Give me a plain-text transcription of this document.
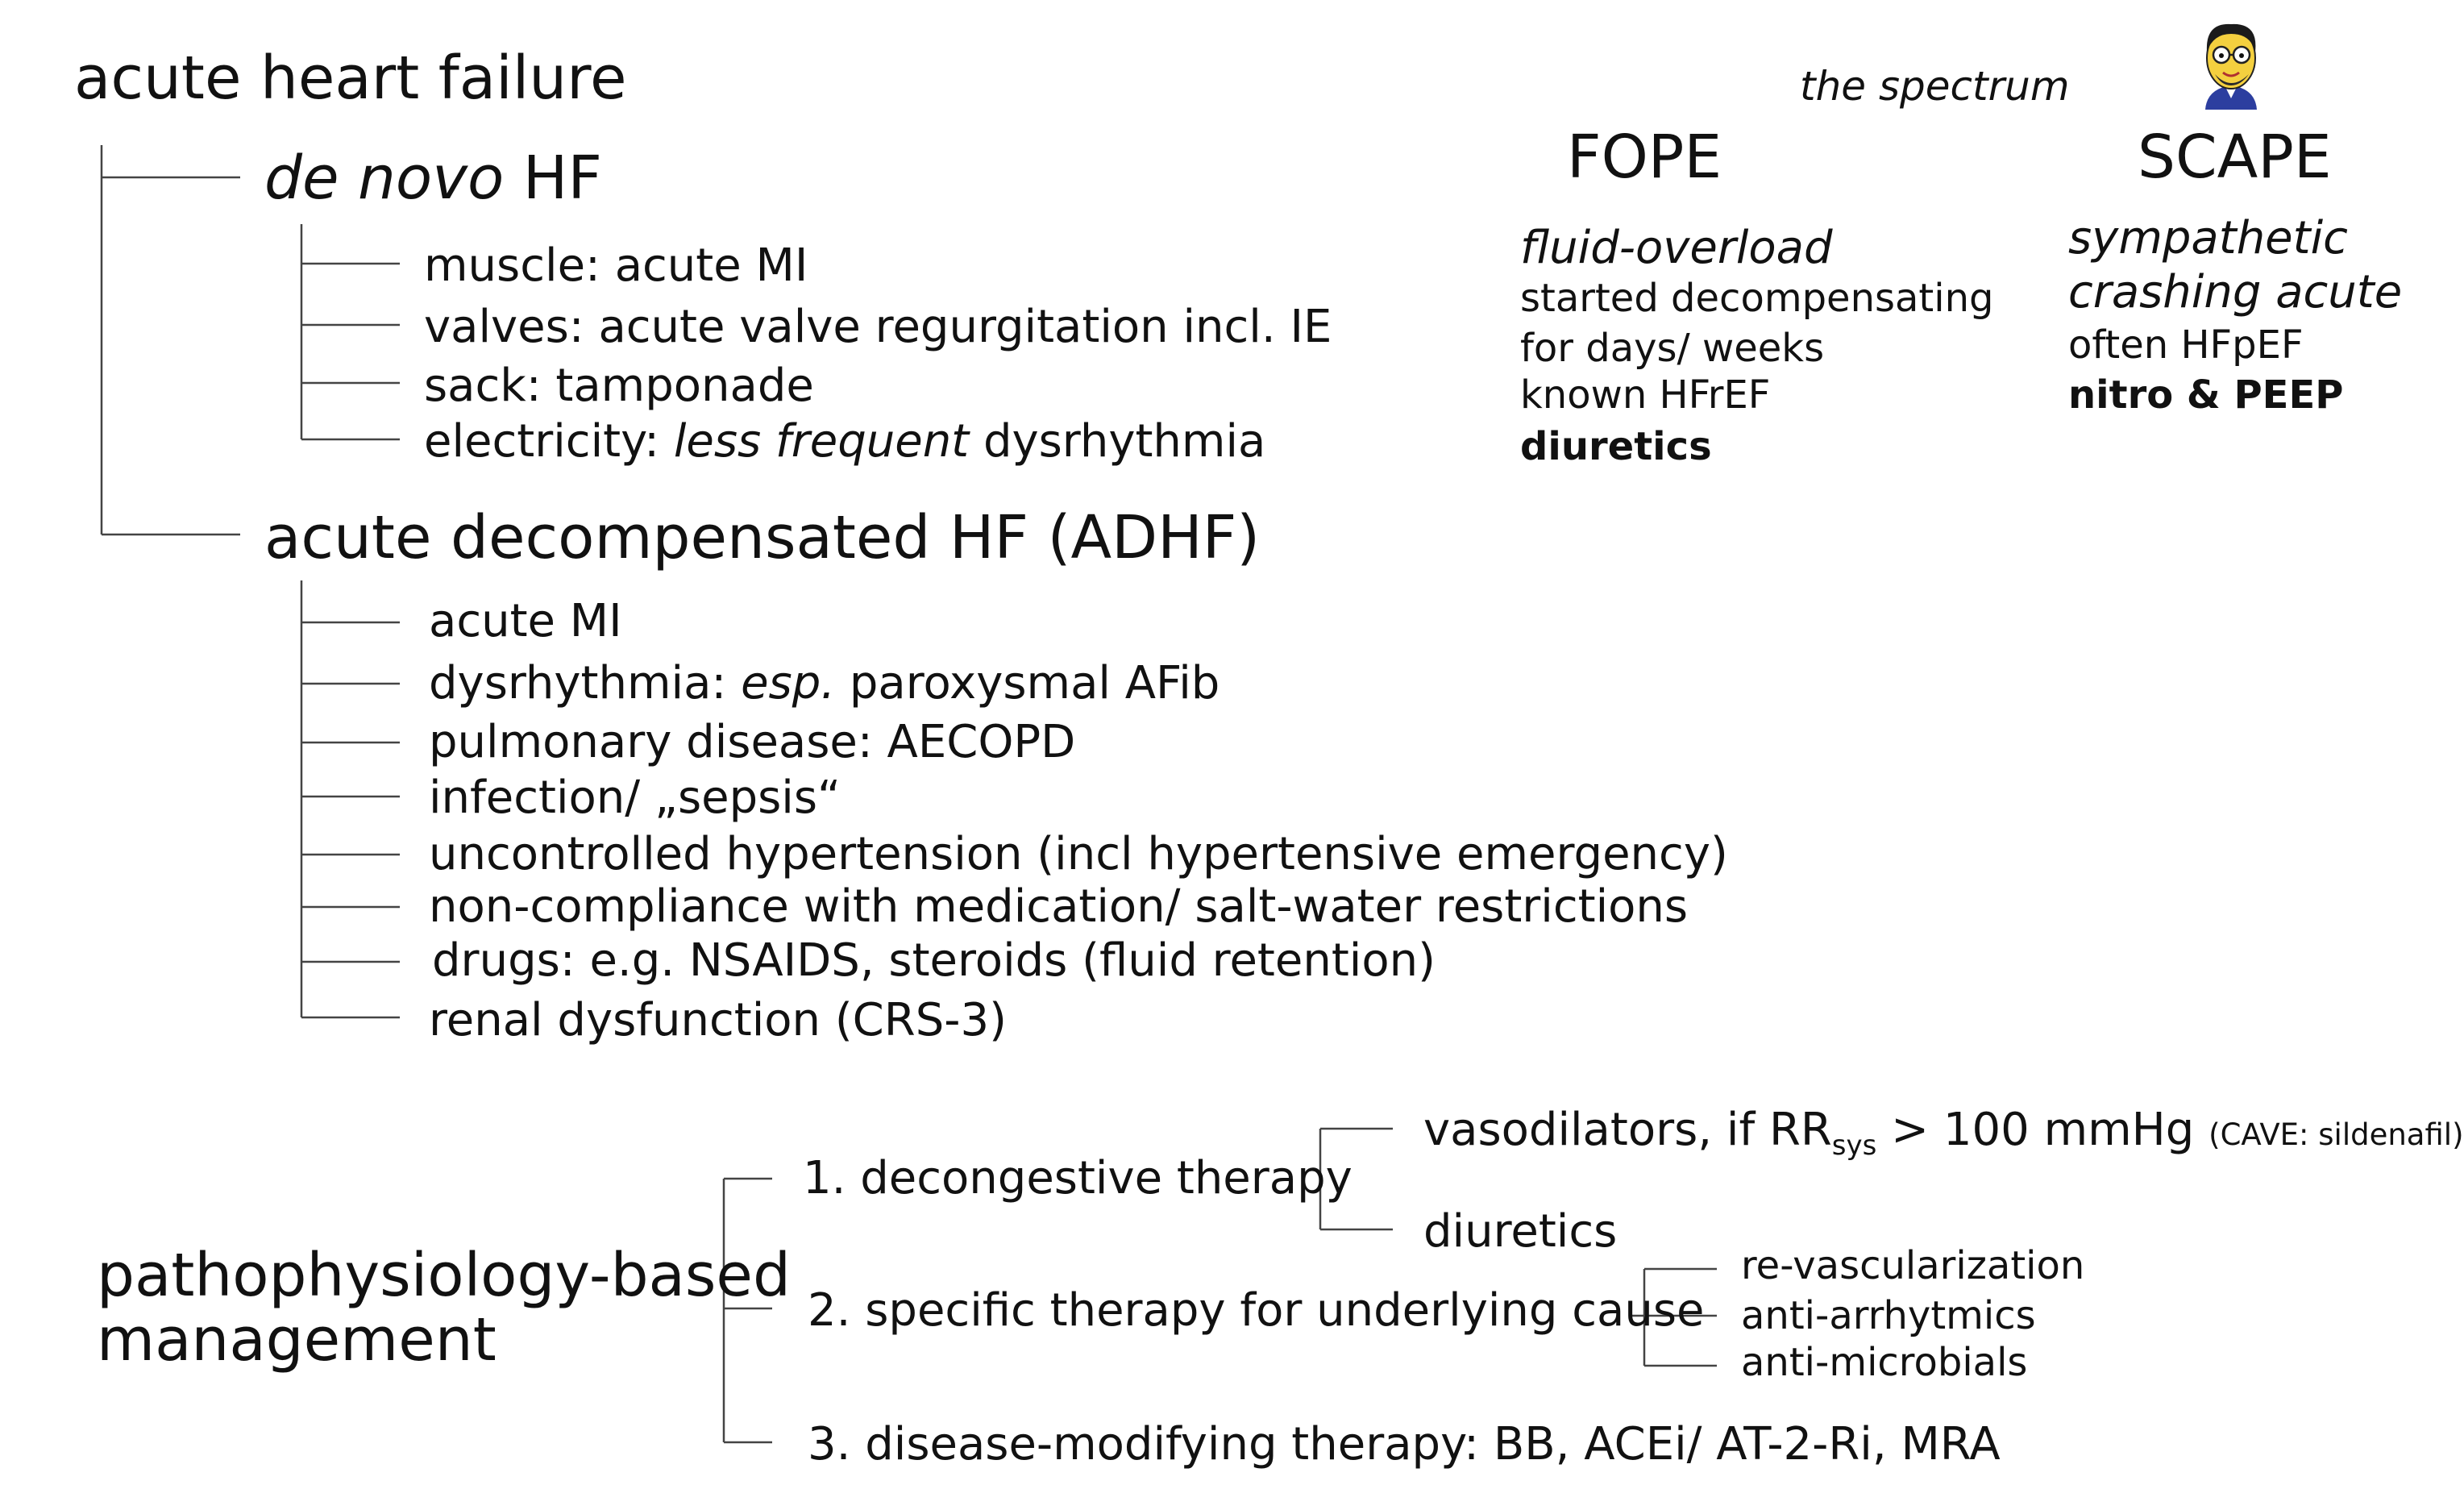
acute heart failure
de novo HF
muscle: acute MI
valves: acute valve regurgitation incl. IE
sack: tamponade
electricity: less frequent dysrhythmia
acute decompensated HF (ADHF)
acute MI
dysrhythmia: esp. paroxysmal AFib
pulmonary disease: AECOPD
infection/ „sepsis“
uncontrolled hypertension (incl hypertensive emergency)
non-compliance with medication/ salt-water restrictions
drugs: e.g. NSAIDS, steroids (fluid retention)
renal dysfunction (CRS-3)
the spectrum
FOPE	SCAPE
fluid-overload
started decompensating
for days/ weeks
known HFrEF
diuretics
sympathetic
crashing acute
often HFpEF
nitro & PEEP
pathophysiology-based
management
1. decongestive therapy
vasodilators, if $RR_{sys} > 100$ mmHg (CAVE: sildenafil)
diuretics
2. specific therapy for underlying cause
re-vascularization
anti-arrhytmics
anti-microbials
3. disease-modifying therapy: BB, ACEi/ AT-2-Ri, MRA
